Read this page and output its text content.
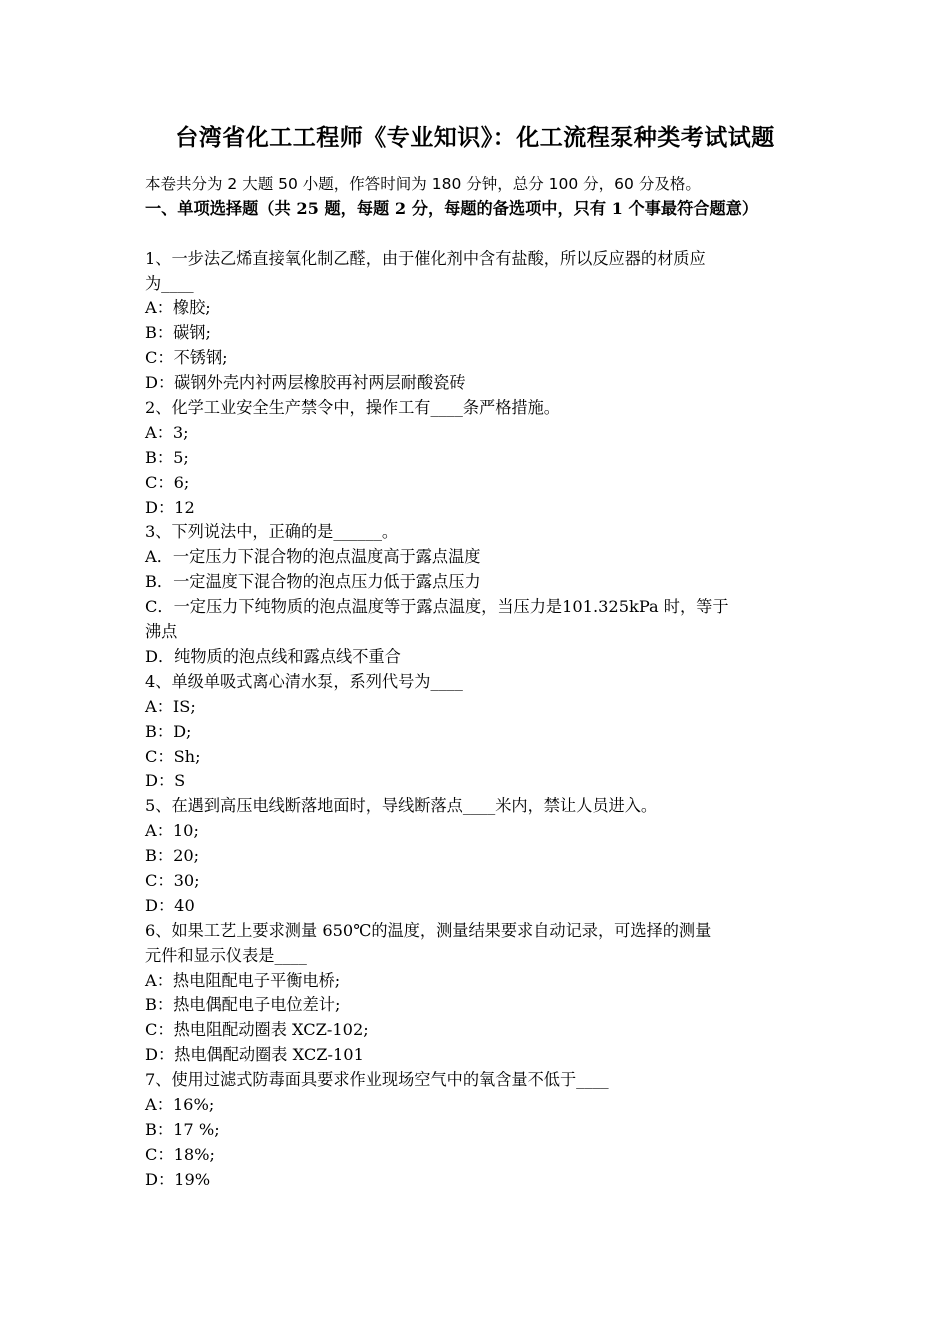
台湾省化工工程师《专业知识》：化工流程泵种类考试试题
本卷共分为 2 大题 50 小题，作答时间为 180 分钟，总分 100 分，60 分及格。
一、单项选择题（共 25 题，每题 2 分，每题的备选项中，只有 1 个事最符合题意）
1、一步法乙烯直接氧化制乙醛，由于催化剂中含有盐酸，所以反应器的材质应
为____
A：橡胶;
B：碳钢;
C：不锈钢;
D：碳钢外壳内衬两层橡胶再衬两层耐酸瓷砖
2、化学工业安全生产禁令中，操作工有____条严格措施。
A：3;
B：5;
C：6;
D：12
3、下列说法中，正确的是______。
A．一定压力下混合物的泡点温度高于露点温度
B．一定温度下混合物的泡点压力低于露点压力
C．一定压力下纯物质的泡点温度等于露点温度，当压力是101.325kPa 时，等于
沸点
D．纯物质的泡点线和露点线不重合
4、单级单吸式离心清水泵，系列代号为____
A：IS;
B：D;
C：Sh;
D：S
5、在遇到高压电线断落地面时，导线断落点____米内，禁让人员进入。
A：10;
B：20;
C：30;
D：40
6、如果工艺上要求测量 650℃的温度，测量结果要求自动记录，可选择的测量
元件和显示仪表是____
A：热电阻配电子平衡电桥;
B：热电偶配电子电位差计;
C：热电阻配动圈表 XCZ-102;
D：热电偶配动圈表 XCZ-101
7、使用过滤式防毒面具要求作业现场空气中的氧含量不低于____
A：16%;
B：17 %;
C：18%;
D：19%
